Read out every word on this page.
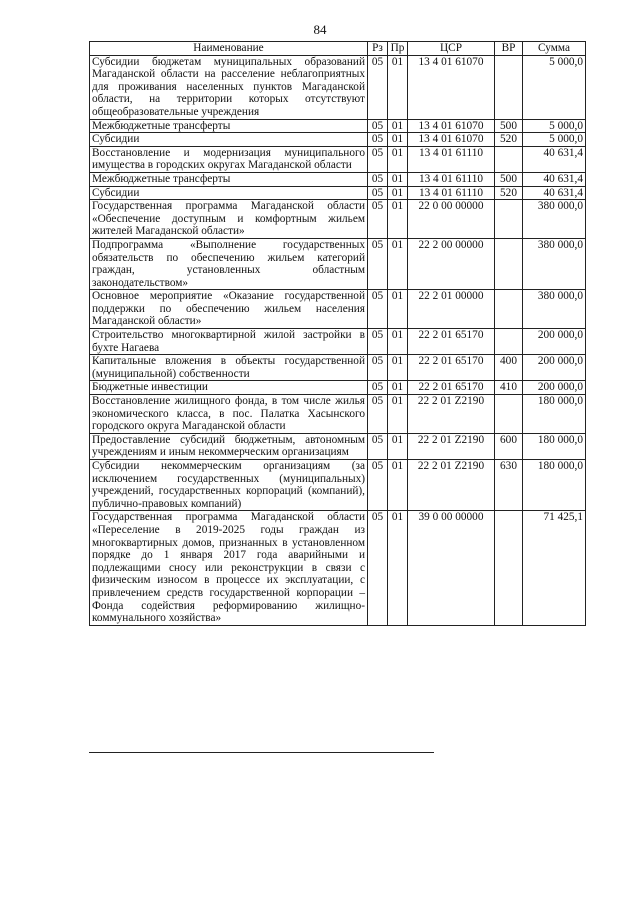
84
Наименование	Рз	Пр	ЦСР	ВР	Сумма
Субсидии бюджетам муниципальных образований Магаданской области на расселение неблагоприятных для проживания населенных пунктов Магаданской области, на территории которых отсутствуют общеобразовательные учреждения	05	01	13 4 01 61070		5 000,0
Межбюджетные трансферты	05	01	13 4 01 61070	500	5 000,0
Субсидии	05	01	13 4 01 61070	520	5 000,0
Восстановление и модернизация муниципального имущества в городских округах Магаданской области	05	01	13 4 01 61110		40 631,4
Межбюджетные трансферты	05	01	13 4 01 61110	500	40 631,4
Субсидии	05	01	13 4 01 61110	520	40 631,4
Государственная программа Магаданской области «Обеспечение доступным и комфортным жильем жителей Магаданской области»	05	01	22 0 00 00000		380 000,0
Подпрограмма «Выполнение государственных обязательств по обеспечению жильем категорий граждан, установленных областным законодательством»	05	01	22 2 00 00000		380 000,0
Основное мероприятие «Оказание государственной поддержки по обеспечению жильем населения Магаданской области»	05	01	22 2 01 00000		380 000,0
Строительство многоквартирной жилой застройки в бухте Нагаева	05	01	22 2 01 65170		200 000,0
Капитальные вложения в объекты государственной (муниципальной) собственности	05	01	22 2 01 65170	400	200 000,0
Бюджетные инвестиции	05	01	22 2 01 65170	410	200 000,0
Восстановление жилищного фонда, в том числе жилья экономического класса, в пос. Палатка Хасынского городского округа Магаданской области	05	01	22 2 01 Z2190		180 000,0
Предоставление субсидий бюджетным, автономным учреждениям и иным некоммерческим организациям	05	01	22 2 01 Z2190	600	180 000,0
Субсидии некоммерческим организациям (за исключением государственных (муниципальных) учреждений, государственных корпораций (компаний), публично-правовых компаний)	05	01	22 2 01 Z2190	630	180 000,0
Государственная программа Магаданской области «Переселение в 2019-2025 годы граждан из многоквартирных домов, признанных в установленном порядке до 1 января 2017 года аварийными и подлежащими сносу или реконструкции в связи с физическим износом в процессе их эксплуатации, с привлечением средств государственной корпорации – Фонда содействия реформированию жилищно-коммунального хозяйства»	05	01	39 0 00 00000		71 425,1
